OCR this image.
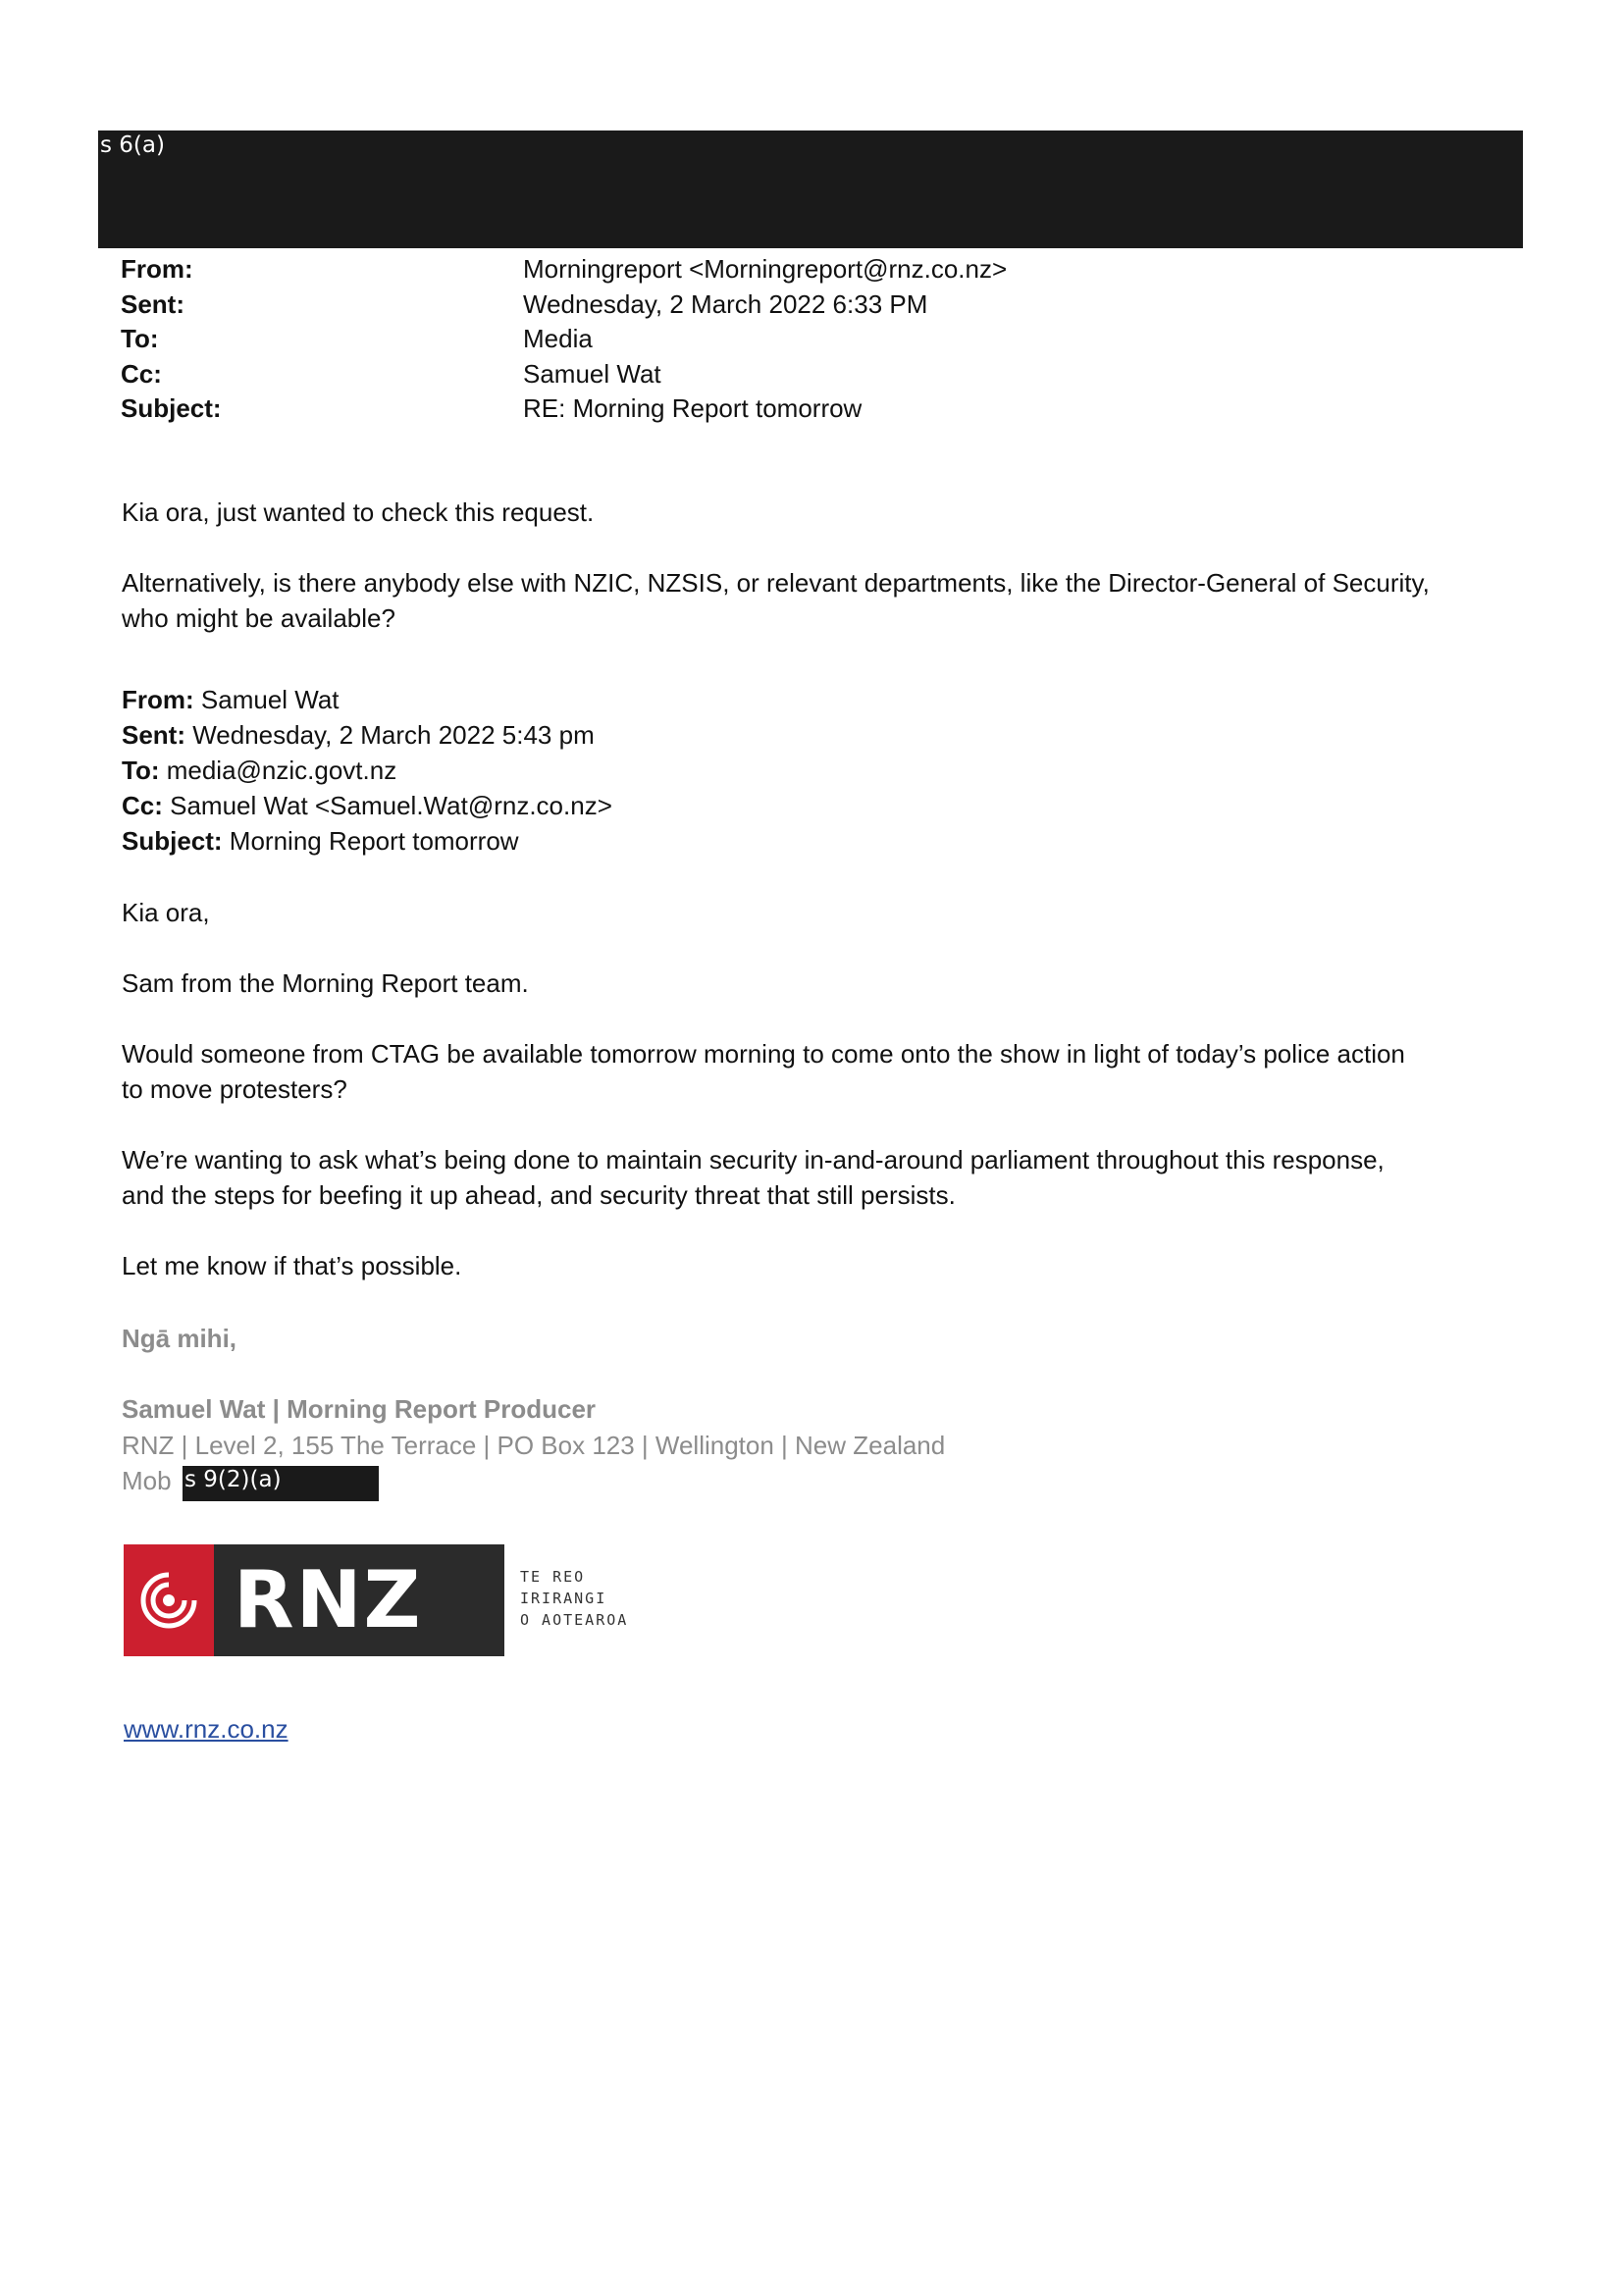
s 6(a)
From:	Morningreport <Morningreport@rnz.co.nz>
Sent:	Wednesday, 2 March 2022 6:33 PM
To:	Media
Cc:	Samuel Wat
Subject:	RE: Morning Report tomorrow
Kia ora, just wanted to check this request.
Alternatively, is there anybody else with NZIC, NZSIS, or relevant departments, like the Director-General of Security,
who might be available?
From: Samuel Wat
Sent: Wednesday, 2 March 2022 5:43 pm
To: media@nzic.govt.nz
Cc: Samuel Wat <Samuel.Wat@rnz.co.nz>
Subject: Morning Report tomorrow
Kia ora,
Sam from the Morning Report team.
Would someone from CTAG be available tomorrow morning to come onto the show in light of today’s police action
to move protesters?
We’re wanting to ask what’s being done to maintain security in-and-around parliament throughout this response,
and the steps for beefing it up ahead, and security threat that still persists.
Let me know if that’s possible.
Ngā mihi,
Samuel Wat | Morning Report Producer
RNZ | Level 2, 155 The Terrace | PO Box 123 | Wellington | New Zealand
Mob s 9(2)(a)
RNZ	TE REO
IRIRANGI
O AOTEAROA
www.rnz.co.nz
